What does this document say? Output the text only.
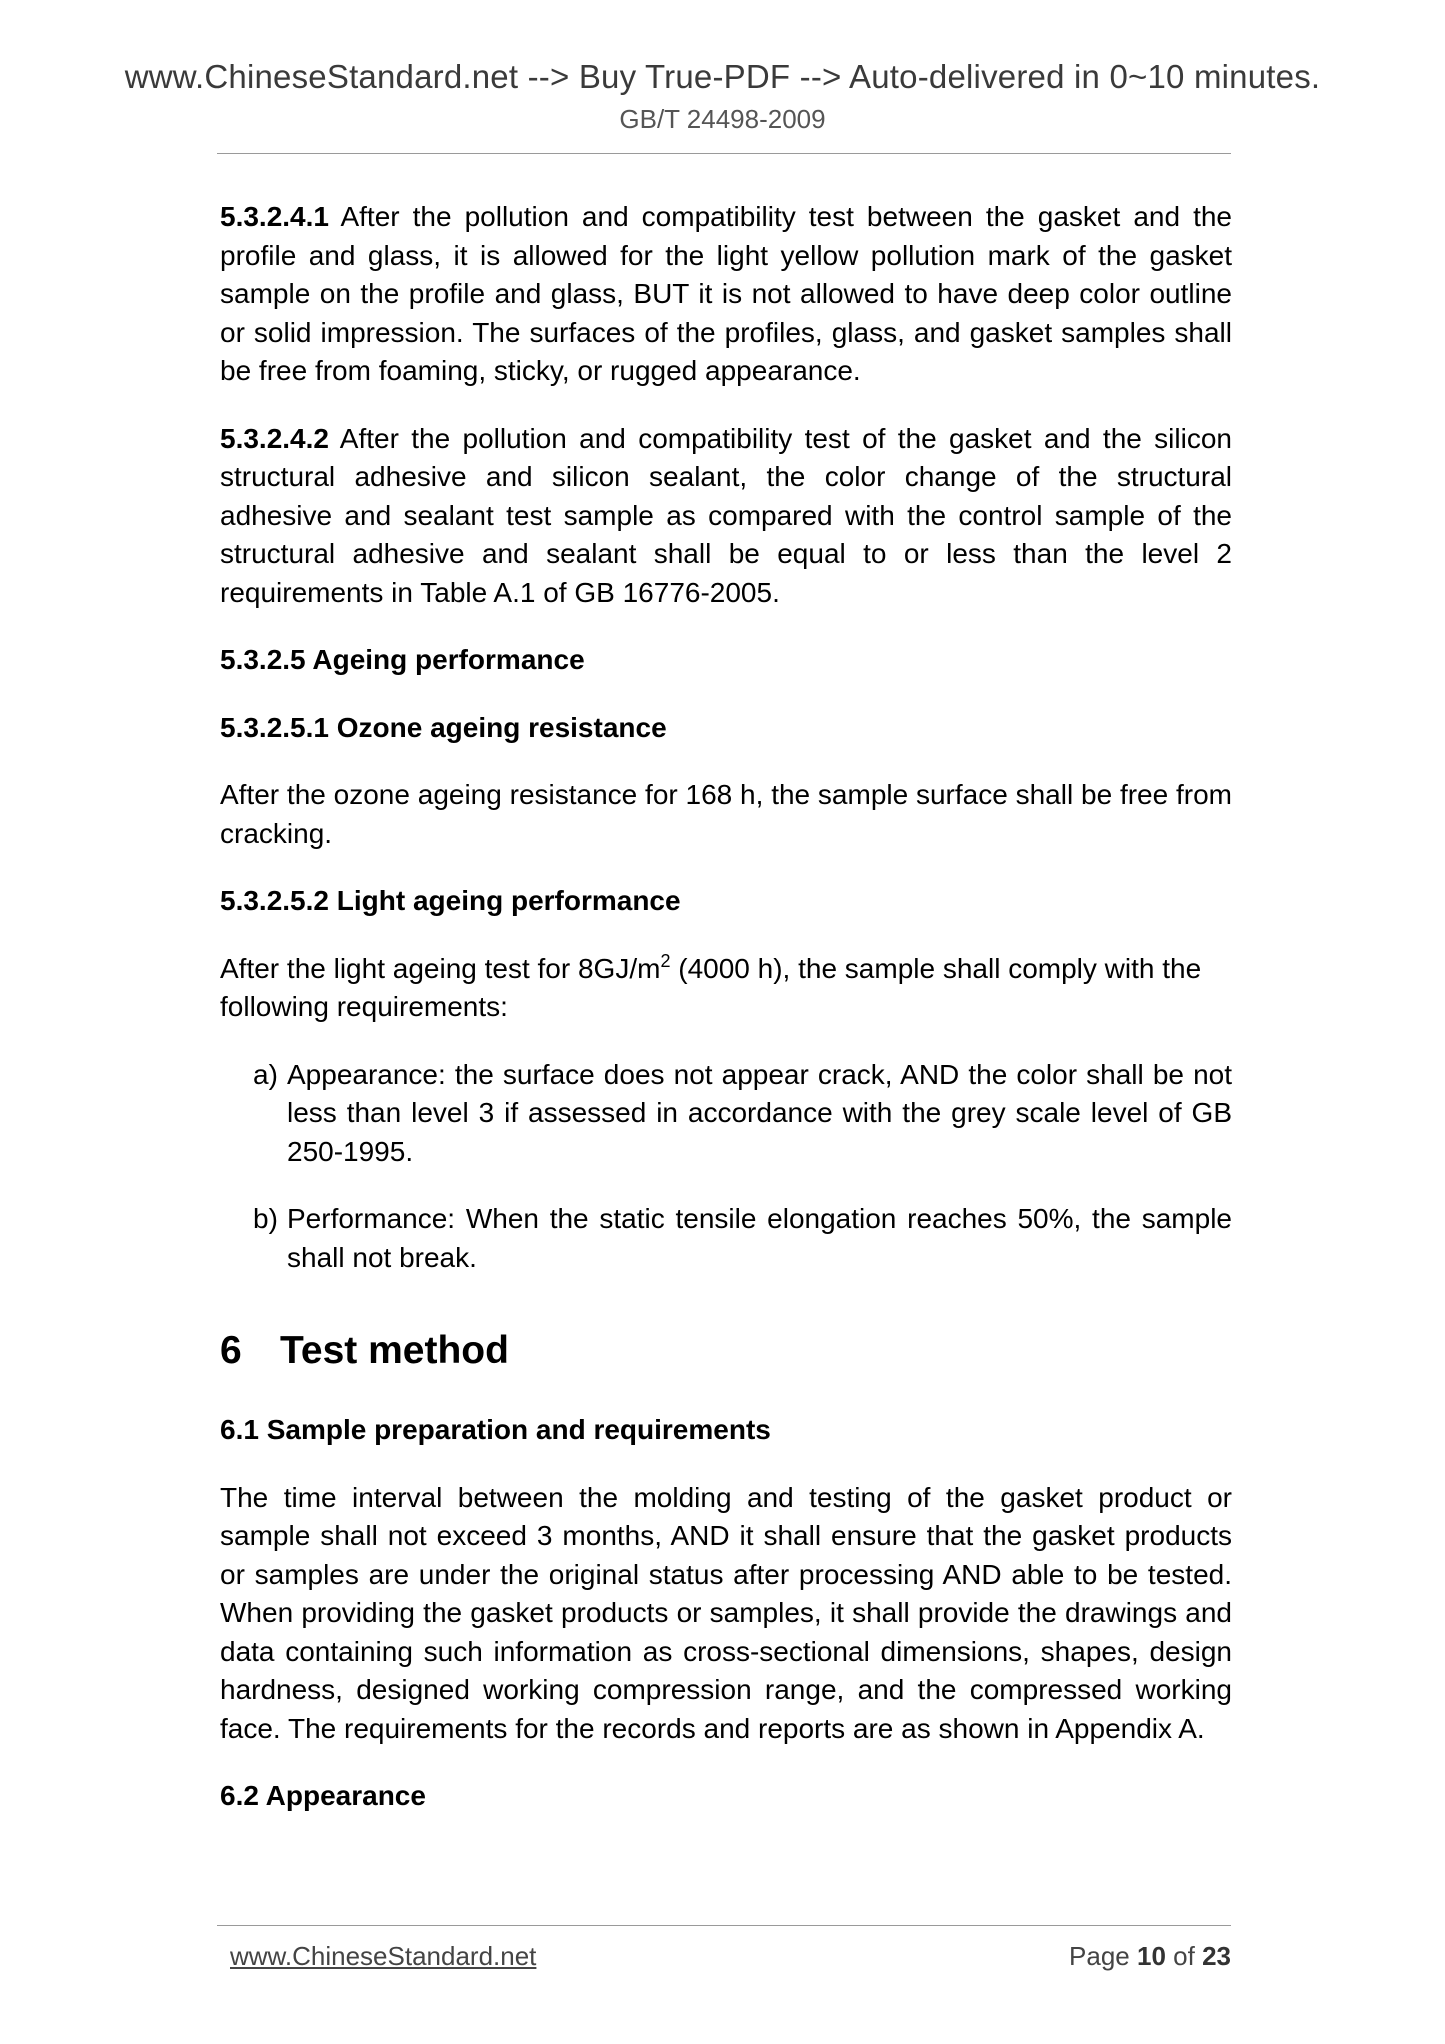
www.ChineseStandard.net --> Buy True-PDF --> Auto-delivered in 0~10 minutes.
GB/T 24498-2009

5.3.2.4.1 After the pollution and compatibility test between the gasket and the profile and glass, it is allowed for the light yellow pollution mark of the gasket sample on the profile and glass, BUT it is not allowed to have deep color outline or solid impression. The surfaces of the profiles, glass, and gasket samples shall be free from foaming, sticky, or rugged appearance.

5.3.2.4.2 After the pollution and compatibility test of the gasket and the silicon structural adhesive and silicon sealant, the color change of the structural adhesive and sealant test sample as compared with the control sample of the structural adhesive and sealant shall be equal to or less than the level 2 requirements in Table A.1 of GB 16776-2005.

5.3.2.5 Ageing performance

5.3.2.5.1 Ozone ageing resistance

After the ozone ageing resistance for 168 h, the sample surface shall be free from cracking.

5.3.2.5.2 Light ageing performance

After the light ageing test for $8GJ/m^2$ (4000 h), the sample shall comply with the following requirements:

a) Appearance: the surface does not appear crack, AND the color shall be not less than level 3 if assessed in accordance with the grey scale level of GB 250-1995.
b) Performance: When the static tensile elongation reaches 50%, the sample shall not break.

6 Test method

6.1 Sample preparation and requirements

The time interval between the molding and testing of the gasket product or sample shall not exceed 3 months, AND it shall ensure that the gasket products or samples are under the original status after processing AND able to be tested. When providing the gasket products or samples, it shall provide the drawings and data containing such information as cross-sectional dimensions, shapes, design hardness, designed working compression range, and the compressed working face. The requirements for the records and reports are as shown in Appendix A.

6.2 Appearance

www.ChineseStandard.net	Page 10 of 23
